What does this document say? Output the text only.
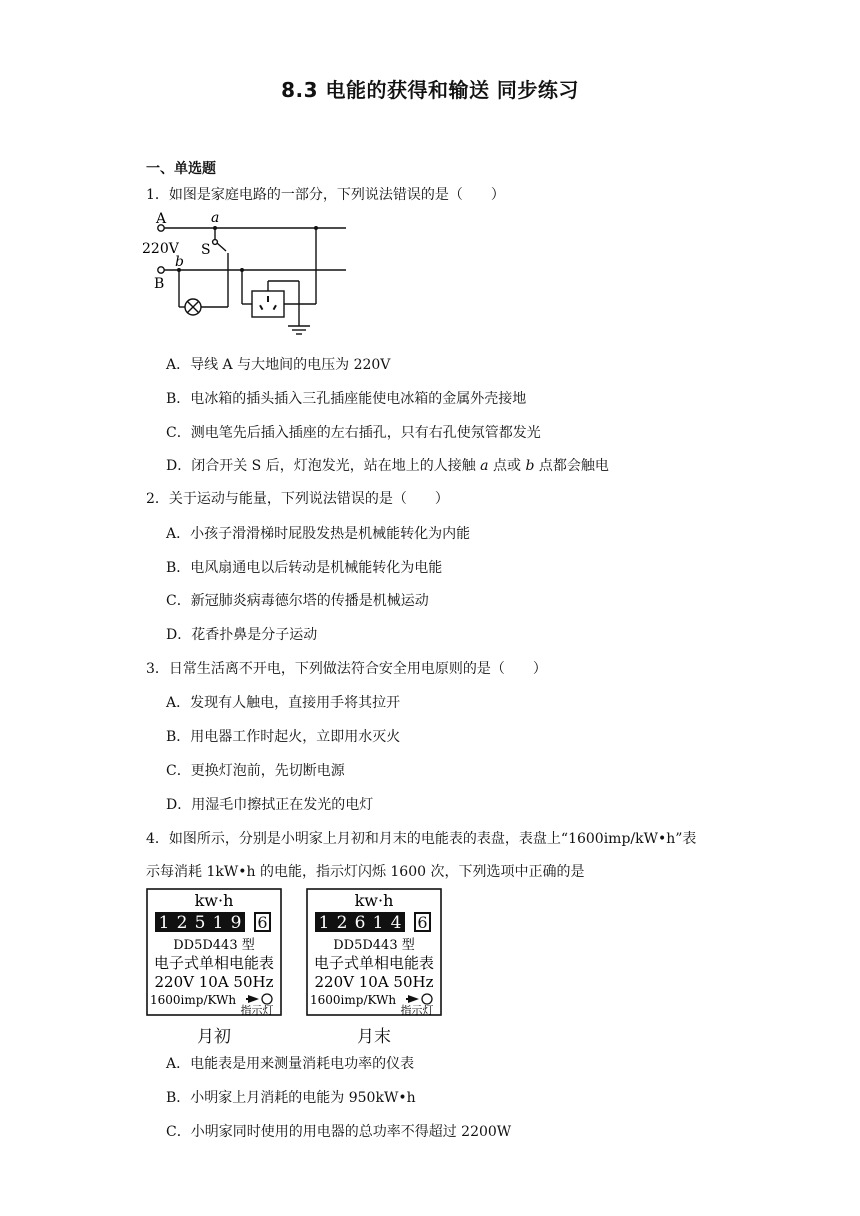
8.3 电能的获得和输送 同步练习
一、单选题
1．如图是家庭电路的一部分，下列说法错误的是（　　）
A
220V
B
a
b
S
A．导线 A 与大地间的电压为 220V
B．电冰箱的插头插入三孔插座能使电冰箱的金属外壳接地
C．测电笔先后插入插座的左右插孔，只有右孔使氖管都发光
D．闭合开关 S 后，灯泡发光，站在地上的人接触 a 点或 b 点都会触电
2．关于运动与能量，下列说法错误的是（　　）
A．小孩子滑滑梯时屁股发热是机械能转化为内能
B．电风扇通电以后转动是机械能转化为电能
C．新冠肺炎病毒德尔塔的传播是机械运动
D．花香扑鼻是分子运动
3．日常生活离不开电，下列做法符合安全用电原则的是（　　）
A．发现有人触电，直接用手将其拉开
B．用电器工作时起火，立即用水灭火
C．更换灯泡前，先切断电源
D．用湿毛巾擦拭正在发光的电灯
4．如图所示，分别是小明家上月初和月末的电能表的表盘，表盘上“1600imp/kW•h”表
示每消耗 1kW•h 的电能，指示灯闪烁 1600 次，下列选项中正确的是
kw·h
1 2 5 1 9 6
DD5D443 型
电子式单相电能表
220V 10A 50Hz
1600imp/KWh
指示灯
月初
kw·h
1 2 6 1 4 6
DD5D443 型
电子式单相电能表
220V 10A 50Hz
1600imp/KWh
指示灯
月末
A．电能表是用来测量消耗电功率的仪表
B．小明家上月消耗的电能为 950kW•h
C．小明家同时使用的用电器的总功率不得超过 2200W
